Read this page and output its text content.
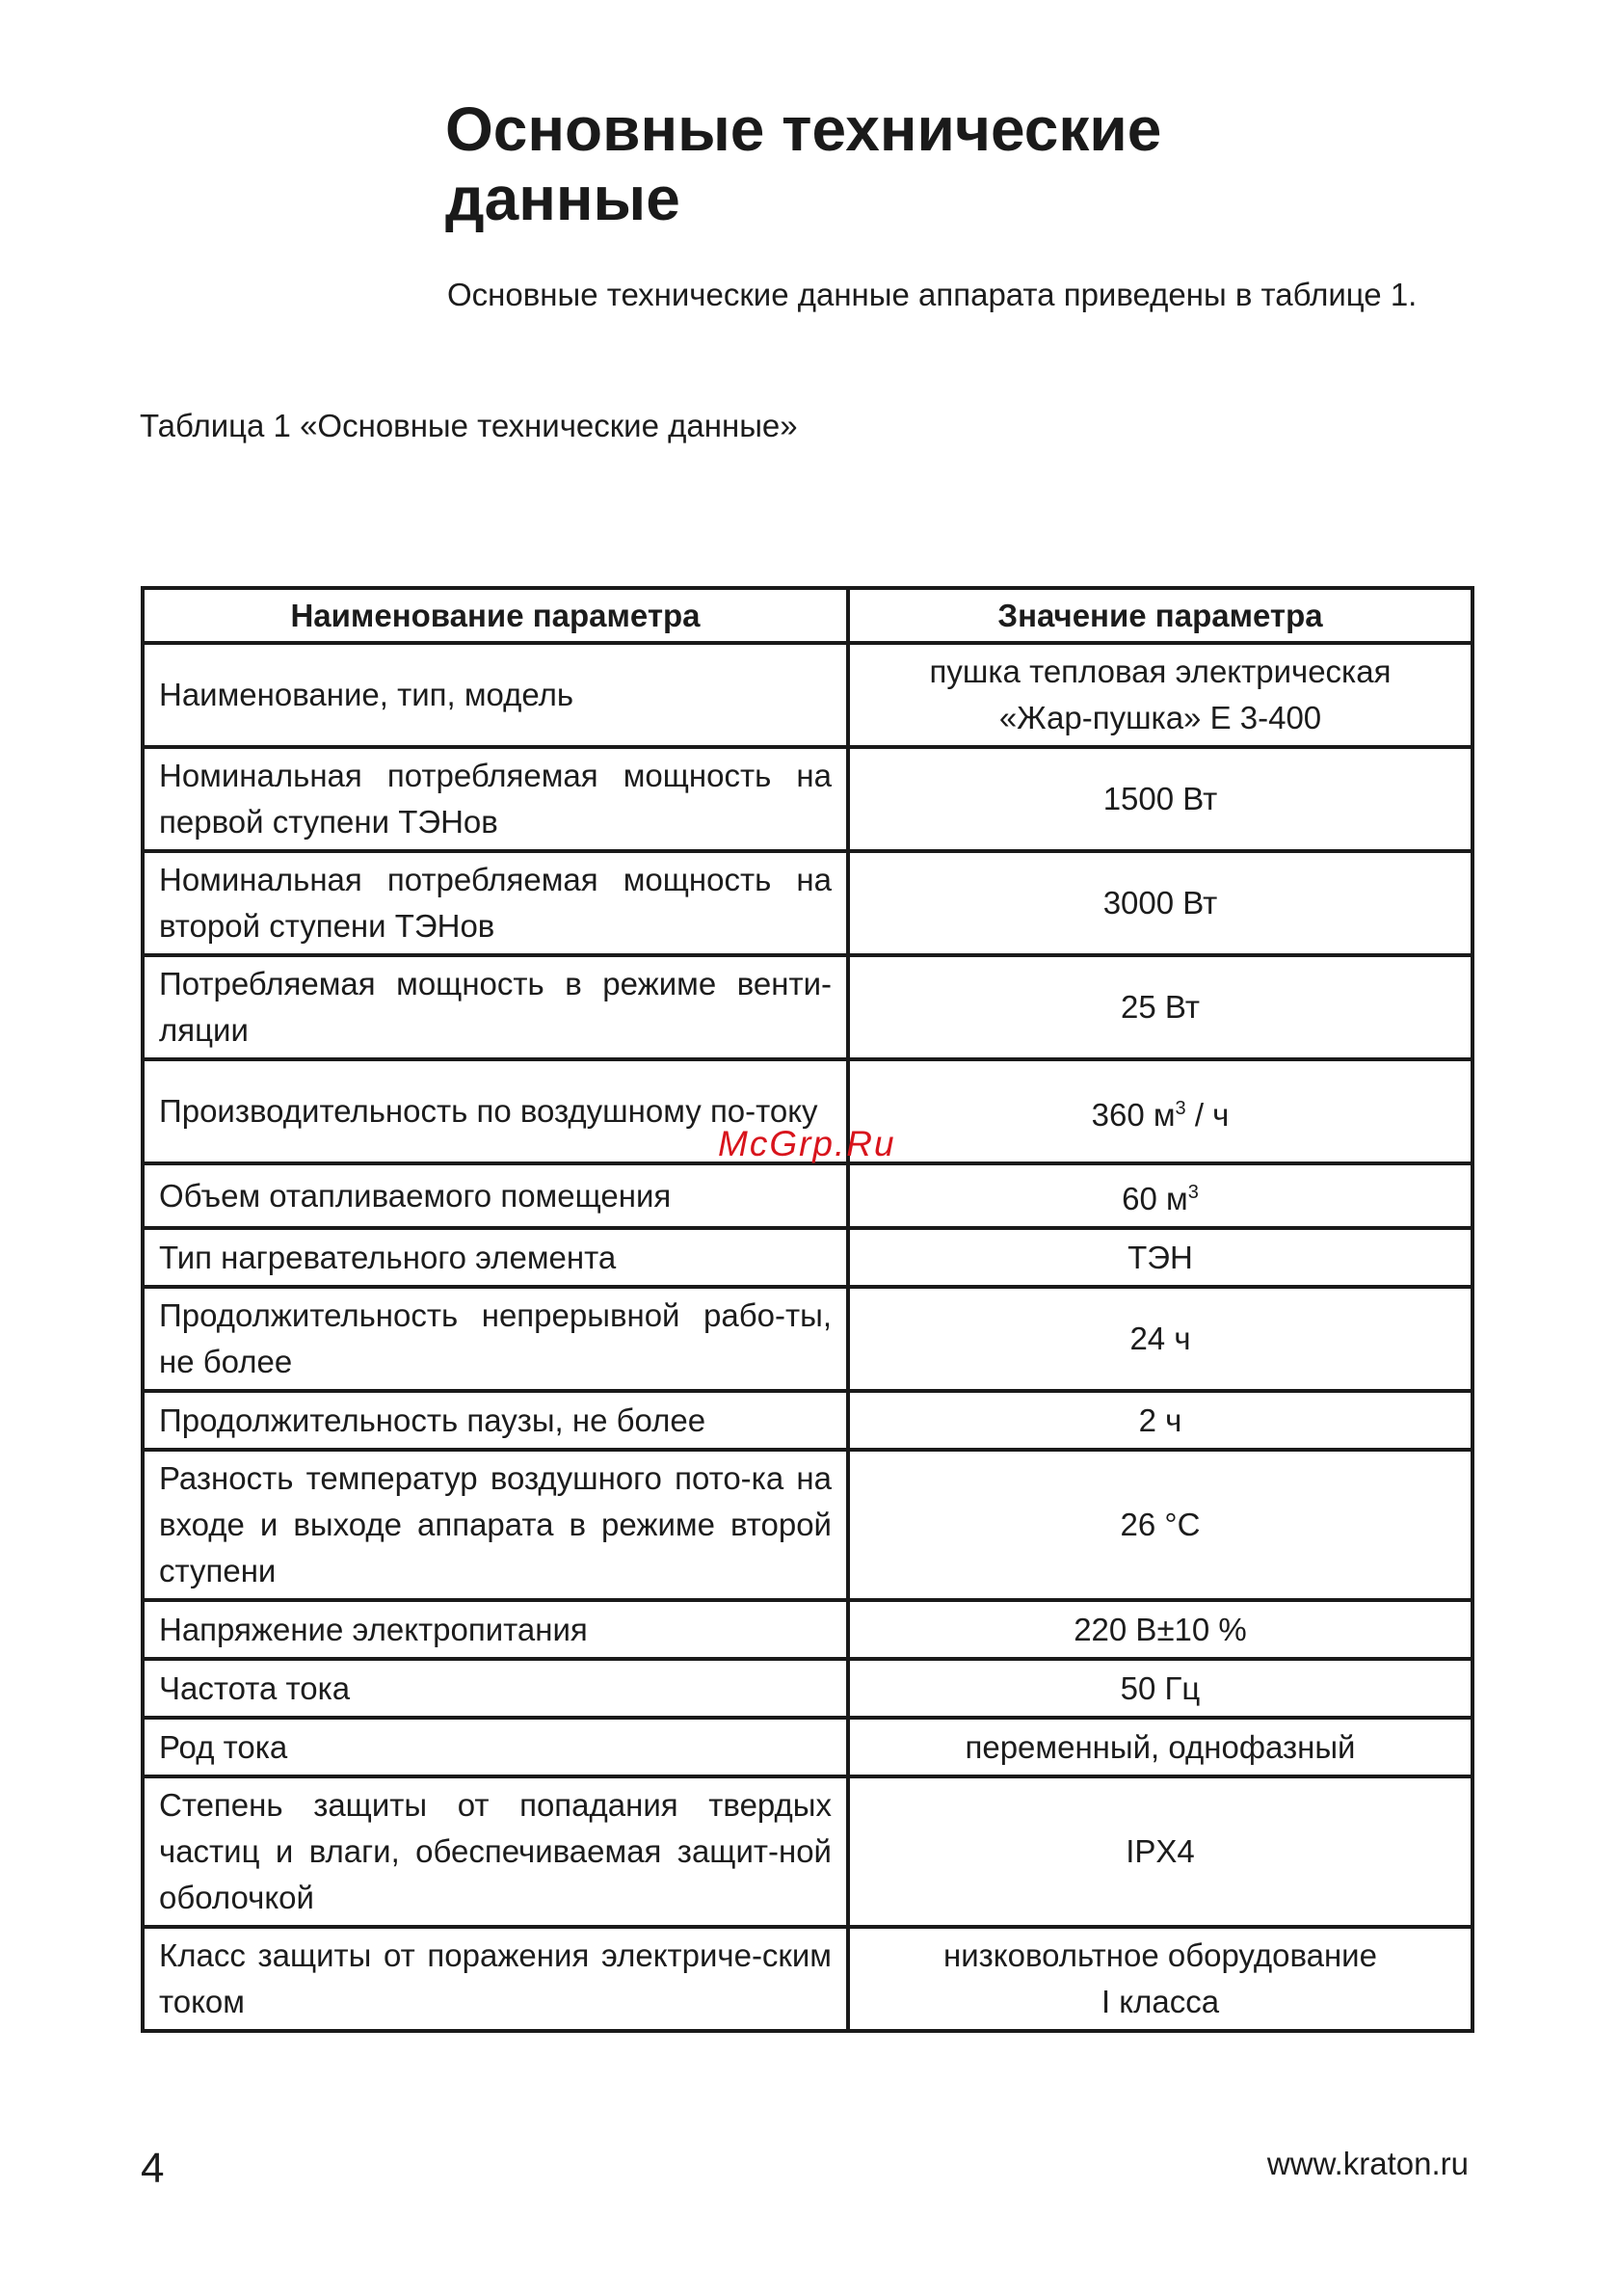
Основные технические
данные

Основные технические данные аппарата приведены в таблице 1.

Таблица 1 «Основные технические данные»

Наименование параметра	Значение параметра
Наименование, тип, модель	пушка тепловая электрическая
«Жар-пушка» Е 3-400
Номинальная потребляемая мощность на первой ступени ТЭНов	1500 Вт
Номинальная потребляемая мощность на второй ступени ТЭНов	3000 Вт
Потребляемая мощность в режиме венти-ляции	25 Вт
Производительность по воздушному по-току	360 $м^3$ / ч
Объем отапливаемого помещения	60 $м^3$
Тип нагревательного элемента	ТЭН
Продолжительность непрерывной рабо-ты, не более	24 ч
Продолжительность паузы, не более	2 ч
Разность температур воздушного пото-ка на входе и выходе аппарата в режиме второй ступени	26 °С
Напряжение электропитания	220 В±10 %
Частота тока	50 Гц
Род тока	переменный, однофазный
Степень защиты от попадания твердых частиц и влаги, обеспечиваемая защит-ной оболочкой	IPX4
Класс защиты от поражения электриче-ским током	низковольтное оборудование
I класса
McGrp.Ru
4	www.kraton.ru
